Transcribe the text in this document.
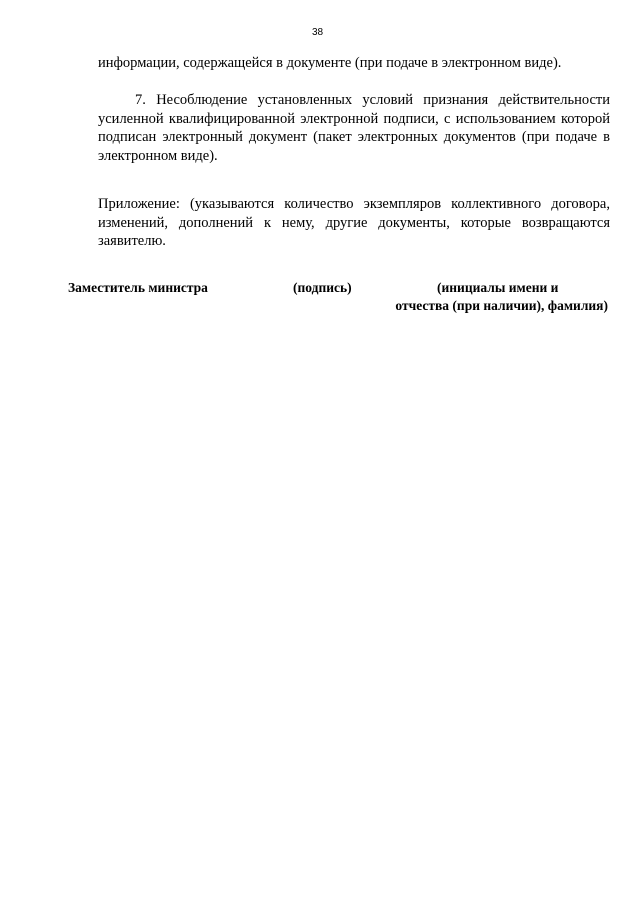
38

информации, содержащейся в документе (при подаче в электронном виде).

7. Несоблюдение установленных условий признания действительности усиленной квалифицированной электронной подписи, с использованием которой подписан электронный документ (пакет электронных документов (при подаче в электронном виде).

Приложение: (указываются количество экземпляров коллективного договора, изменений, дополнений к нему, другие документы, которые возвращаются заявителю.

Заместитель министра	(подпись)	(инициалы имени и
отчества (при наличии), фамилия)
